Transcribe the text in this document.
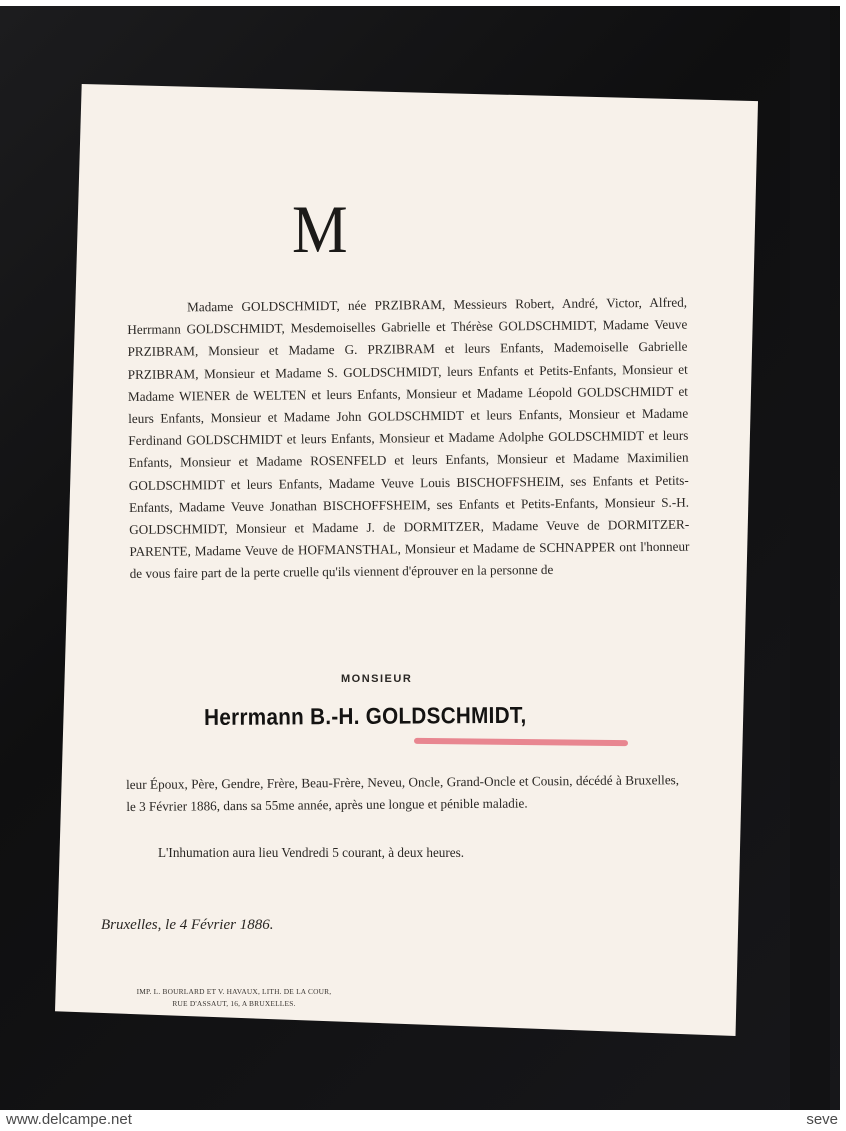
M
Madame GOLDSCHMIDT, née PRZIBRAM, Messieurs Robert, André, Victor, Alfred, Herrmann GOLDSCHMIDT, Mesdemoiselles Gabrielle et Thérèse GOLDSCHMIDT, Madame Veuve PRZIBRAM, Monsieur et Madame G. PRZIBRAM et leurs Enfants, Mademoiselle Gabrielle PRZIBRAM, Monsieur et Madame S. GOLDSCHMIDT, leurs Enfants et Petits-Enfants, Monsieur et Madame WIENER de WELTEN et leurs Enfants, Monsieur et Madame Léopold GOLDSCHMIDT et leurs Enfants, Monsieur et Madame John GOLDSCHMIDT et leurs Enfants, Monsieur et Madame Ferdinand GOLDSCHMIDT et leurs Enfants, Monsieur et Madame Adolphe GOLDSCHMIDT et leurs Enfants, Monsieur et Madame ROSENFELD et leurs Enfants, Monsieur et Madame Maximilien GOLDSCHMIDT et leurs Enfants, Madame Veuve Louis BISCHOFFSHEIM, ses Enfants et Petits-Enfants, Madame Veuve Jonathan BISCHOFFSHEIM, ses Enfants et Petits-Enfants, Monsieur S.-H. GOLDSCHMIDT, Monsieur et Madame J. de DORMITZER, Madame Veuve de DORMITZER-PARENTE, Madame Veuve de HOFMANSTHAL, Monsieur et Madame de SCHNAPPER ont l'honneur de vous faire part de la perte cruelle qu'ils viennent d'éprouver en la personne de
MONSIEUR
Herrmann B.-H. GOLDSCHMIDT,
leur Époux, Père, Gendre, Frère, Beau-Frère, Neveu, Oncle, Grand-Oncle et Cousin, décédé à Bruxelles, le 3 Février 1886, dans sa 55me année, après une longue et pénible maladie.
L'Inhumation aura lieu Vendredi 5 courant, à deux heures.
Bruxelles, le 4 Février 1886.
IMP. L. BOURLARD ET V. HAVAUX, LITH. DE LA COUR,
RUE D'ASSAUT, 16, A BRUXELLES.
www.delcampe.net	seve
